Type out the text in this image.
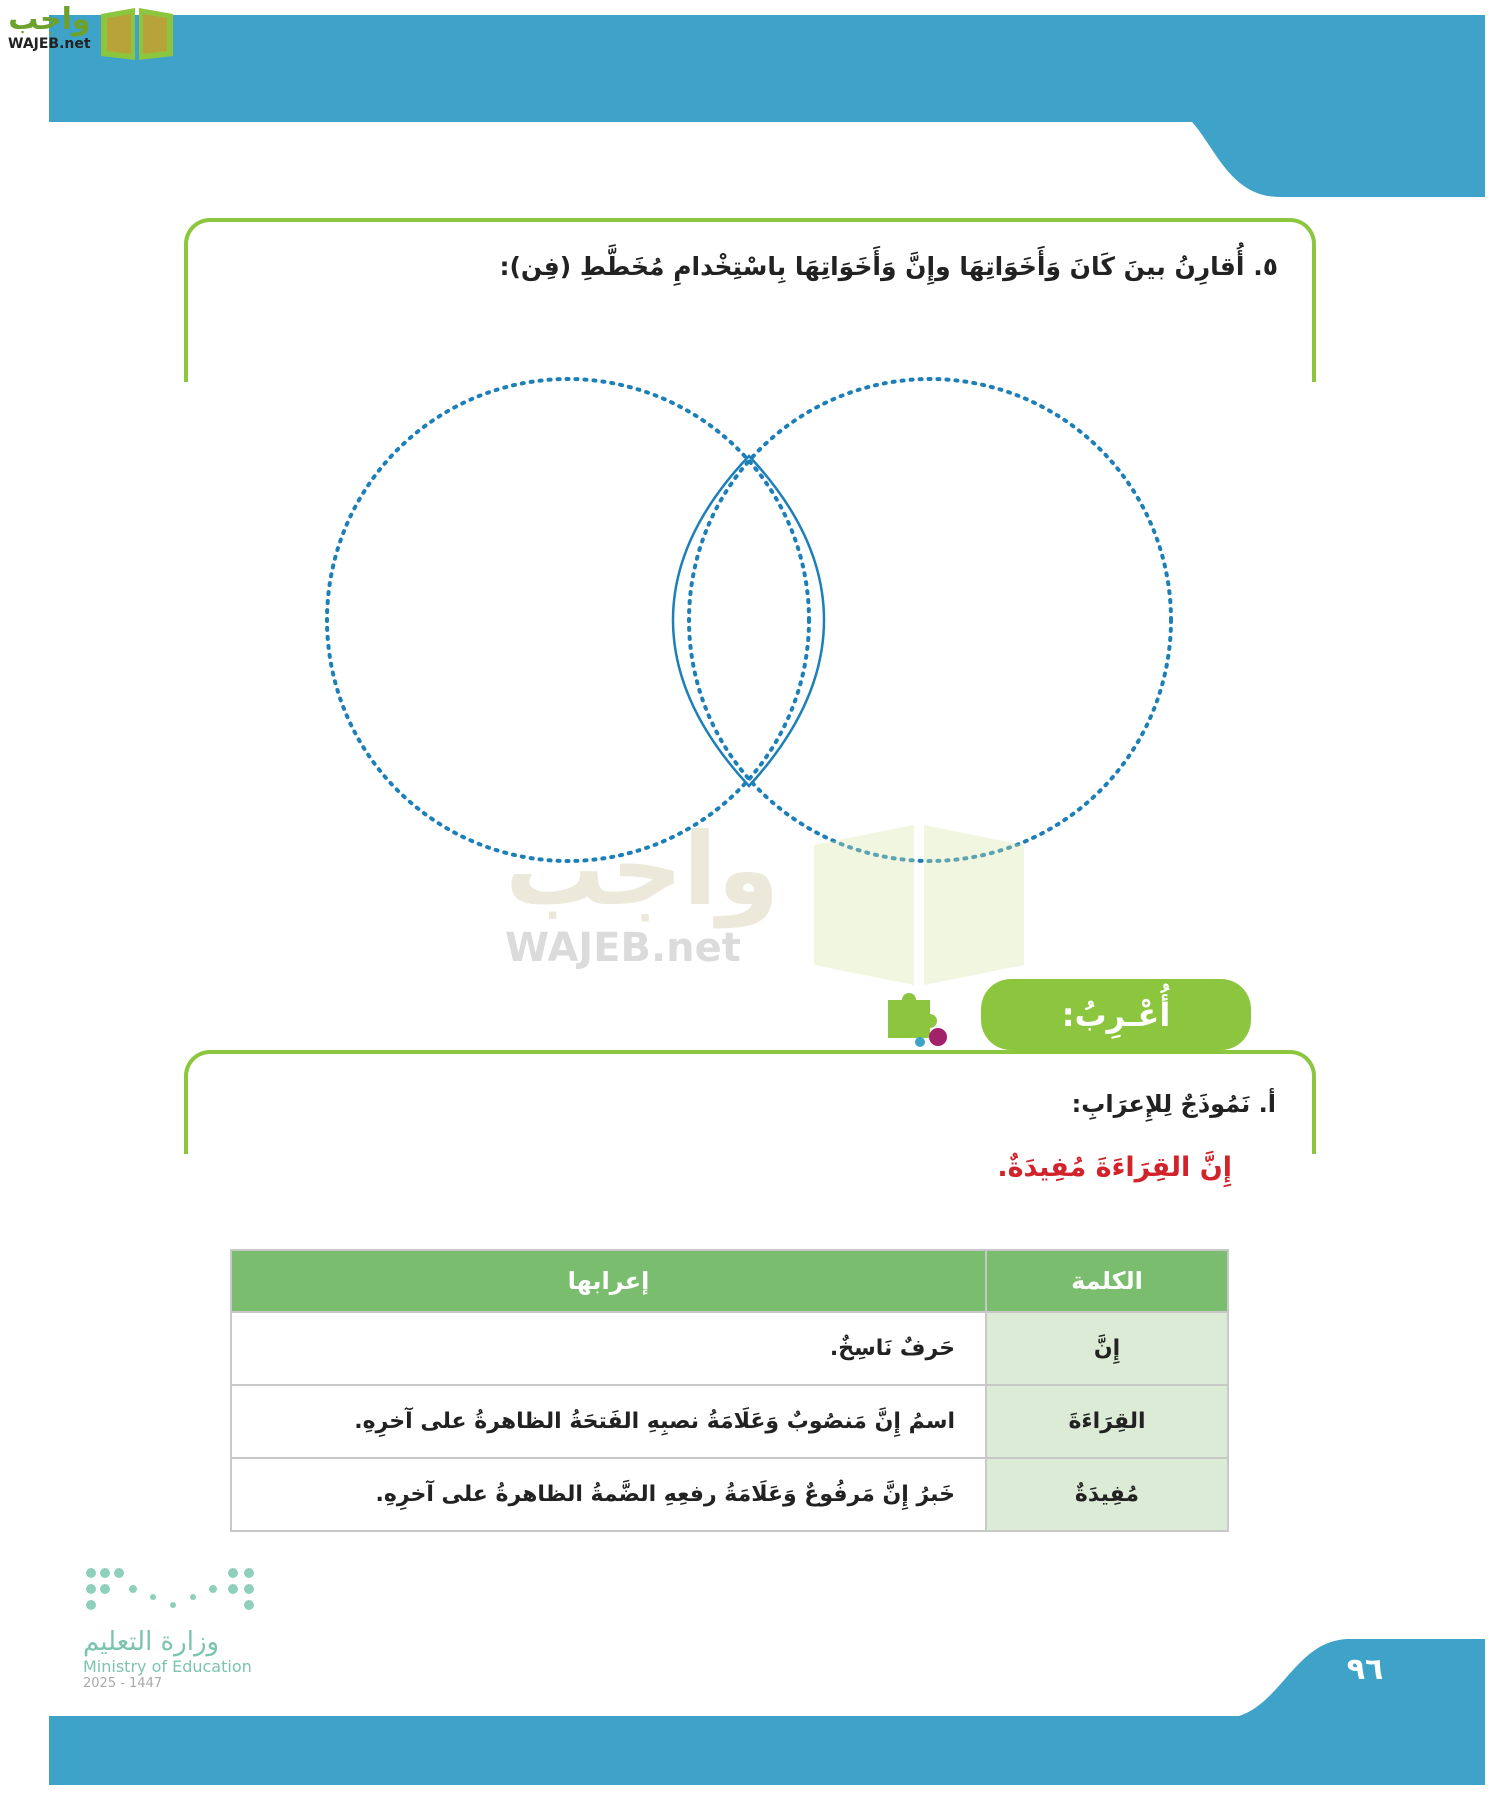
واجب
WAJEB.net
٥. أُقارِنُ بينَ كَانَ وَأَخَوَاتِهَا وإِنَّ وَأَخَوَاتِهَا بِاسْتِخْدامِ مُخَطَّطِ (فِن):
واجب
WAJEB.net
أُعْـرِبُ:
أ. نَمُوذَجٌ لِلإِعرَابِ:
إِنَّ القِرَاءَةَ مُفِيدَةٌ.
الكلمة	إعرابها
إِنَّ	حَرفٌ نَاسِخٌ.
القِرَاءَةَ	اسمُ إِنَّ مَنصُوبٌ وَعَلَامَةُ نصبِهِ الفَتحَةُ الظاهرةُ على آخرِهِ.
مُفِيدَةٌ	خَبرُ إِنَّ مَرفُوعٌ وَعَلَامَةُ رفعِهِ الضَّمةُ الظاهرةُ على آخرِهِ.
وزارة التعليم
Ministry of Education
2025 - 1447	٩٦
